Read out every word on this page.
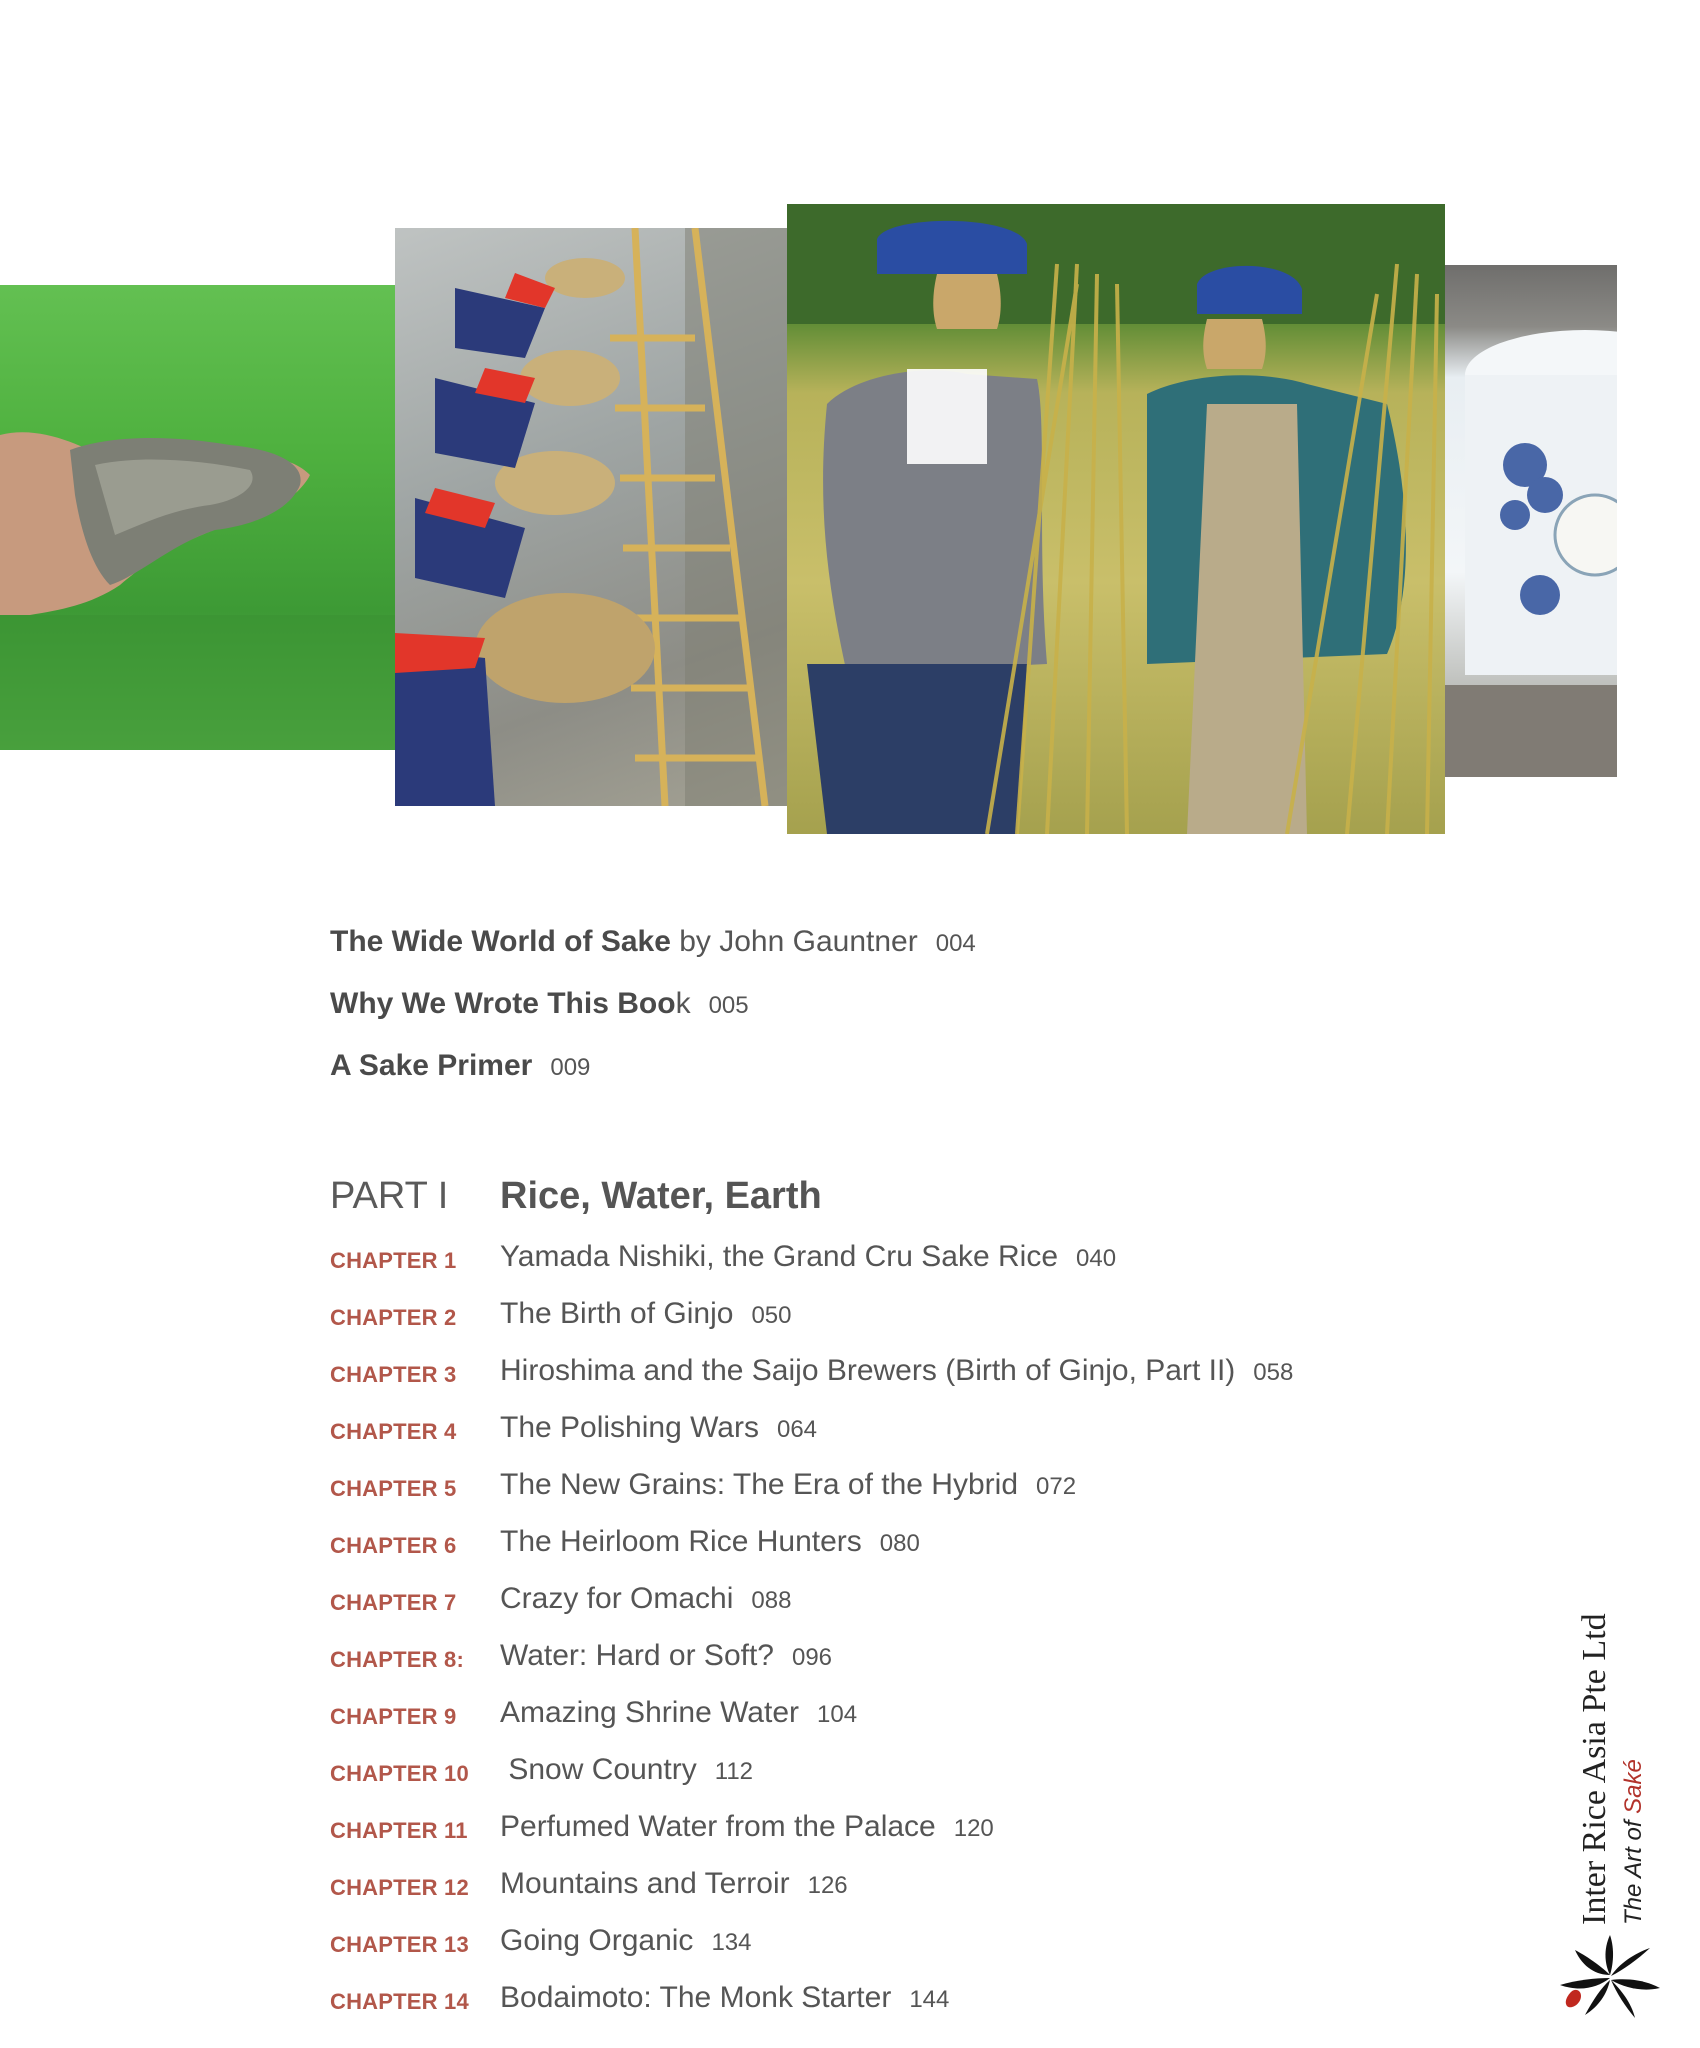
The Wide World of Sake by John Gauntner 004
Why We Wrote This Book 005
A Sake Primer 009
PART I Rice, Water, Earth
CHAPTER 1 Yamada Nishiki, the Grand Cru Sake Rice 040
CHAPTER 2 The Birth of Ginjo 050
CHAPTER 3 Hiroshima and the Saijo Brewers (Birth of Ginjo, Part II) 058
CHAPTER 4 The Polishing Wars 064
CHAPTER 5 The New Grains: The Era of the Hybrid 072
CHAPTER 6 The Heirloom Rice Hunters 080
CHAPTER 7 Crazy for Omachi 088
CHAPTER 8: Water: Hard or Soft? 096
CHAPTER 9 Amazing Shrine Water 104
CHAPTER 10 Snow Country 112
CHAPTER 11 Perfumed Water from the Palace 120
CHAPTER 12 Mountains and Terroir 126
CHAPTER 13 Going Organic 134
CHAPTER 14 Bodaimoto: The Monk Starter 144
Inter Rice Asia Pte Ltd The Art of Saké
